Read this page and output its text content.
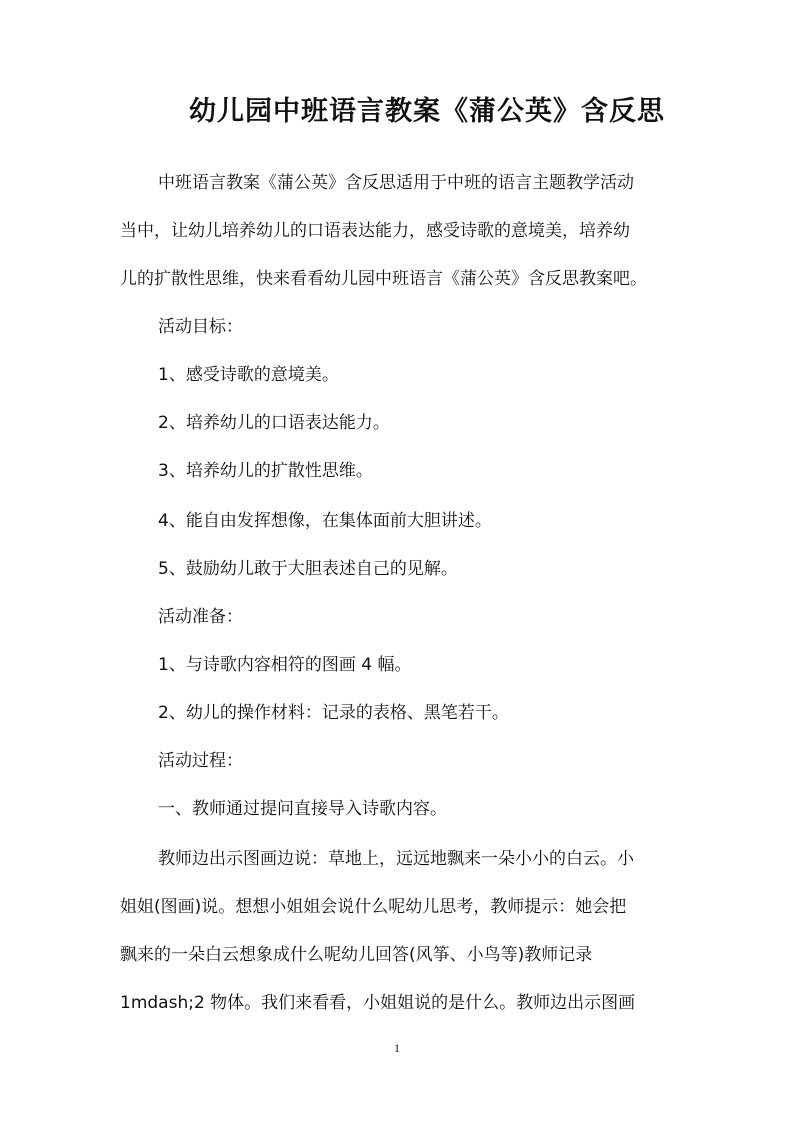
幼儿园中班语言教案《蒲公英》含反思
中班语言教案《蒲公英》含反思适用于中班的语言主题教学活动
当中，让幼儿培养幼儿的口语表达能力，感受诗歌的意境美，培养幼
儿的扩散性思维，快来看看幼儿园中班语言《蒲公英》含反思教案吧。
活动目标：
1、感受诗歌的意境美。
2、培养幼儿的口语表达能力。
3、培养幼儿的扩散性思维。
4、能自由发挥想像，在集体面前大胆讲述。
5、鼓励幼儿敢于大胆表述自己的见解。
活动准备：
1、与诗歌内容相符的图画 4 幅。
2、幼儿的操作材料：记录的表格、黑笔若干。
活动过程：
一、教师通过提问直接导入诗歌内容。
教师边出示图画边说：草地上，远远地飘来一朵小小的白云。小
姐姐(图画)说。想想小姐姐会说什么呢幼儿思考，教师提示：她会把
飘来的一朵白云想象成什么呢幼儿回答(风筝、小鸟等)教师记录
1mdash;2 物体。我们来看看，小姐姐说的是什么。教师边出示图画
1
